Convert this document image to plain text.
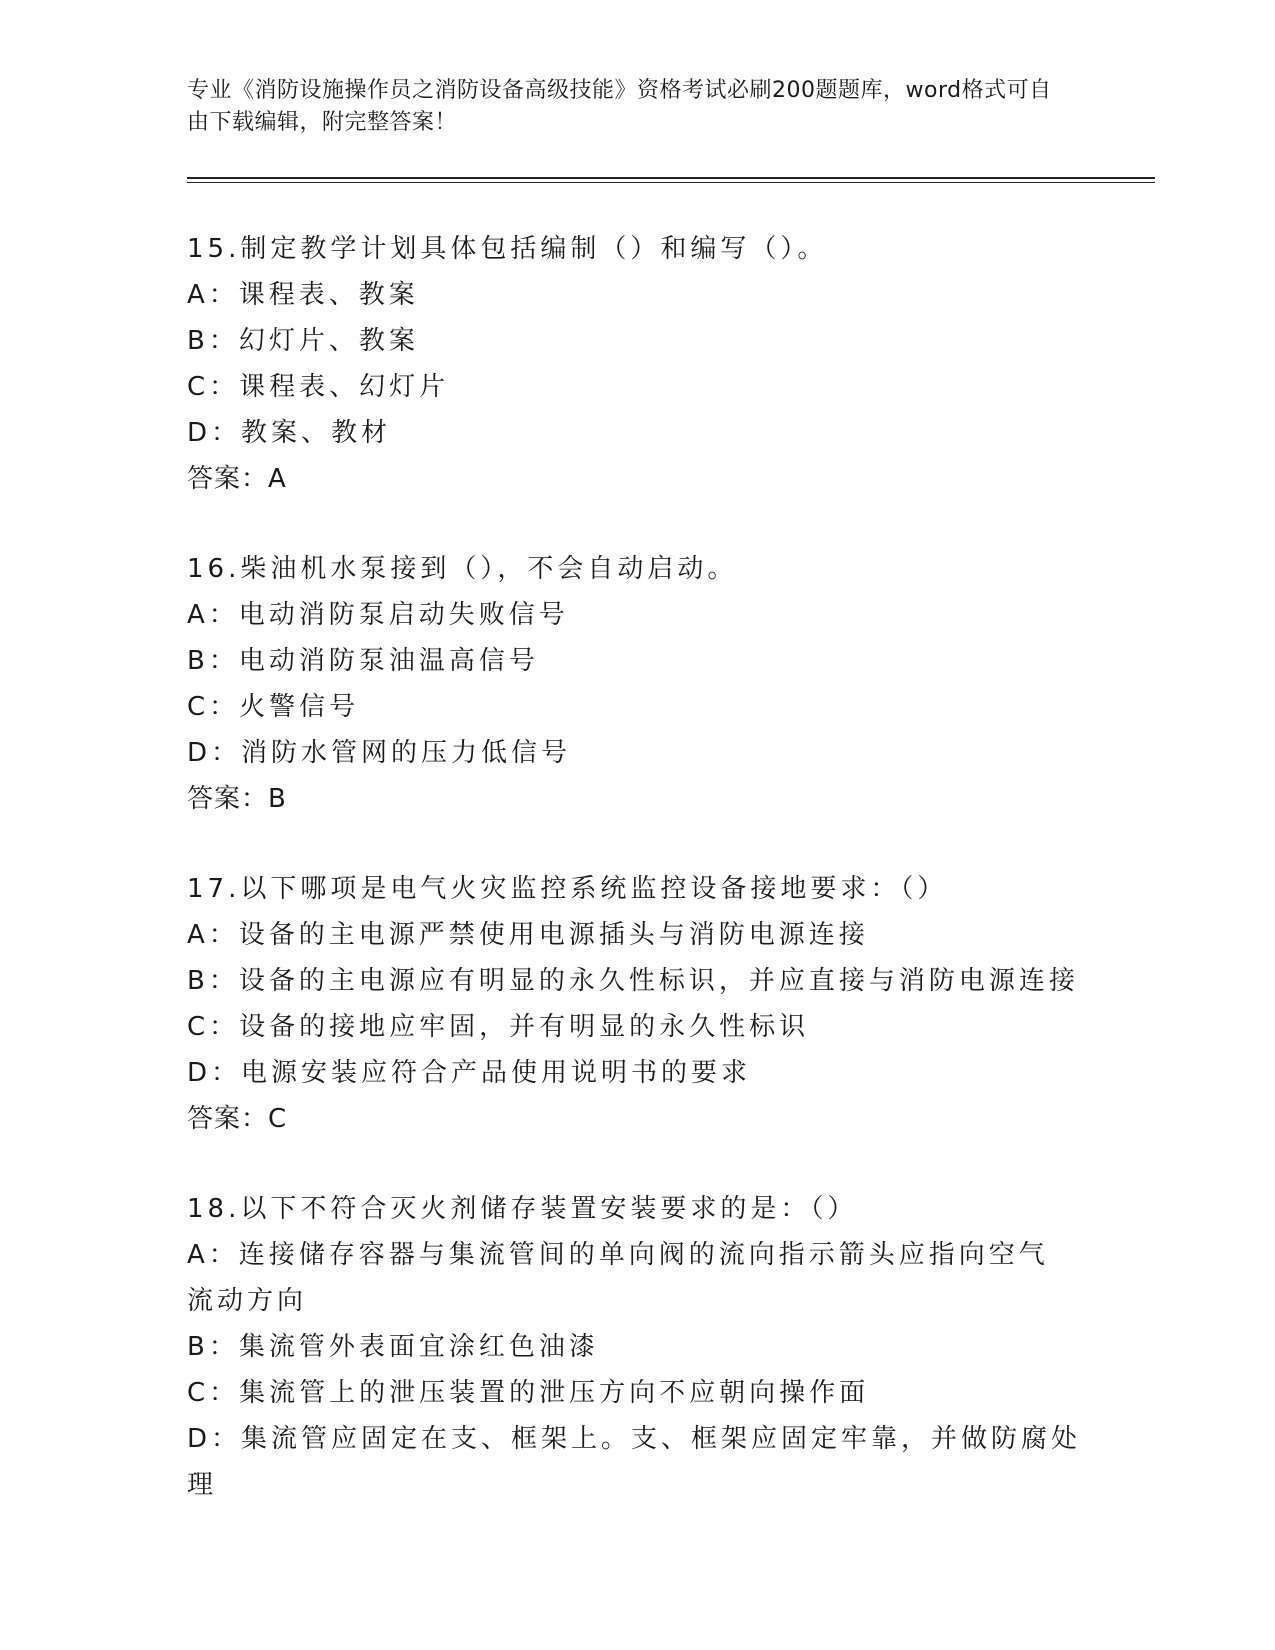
专业《消防设施操作员之消防设备高级技能》资格考试必刷200题题库，word格式可自由下载编辑，附完整答案！
15.制定教学计划具体包括编制（）和编写（）。
A：课程表、教案
B：幻灯片、教案
C：课程表、幻灯片
D：教案、教材
答案：A
16.柴油机水泵接到（），不会自动启动。
A：电动消防泵启动失败信号
B：电动消防泵油温高信号
C：火警信号
D：消防水管网的压力低信号
答案：B
17.以下哪项是电气火灾监控系统监控设备接地要求：（）
A：设备的主电源严禁使用电源插头与消防电源连接
B：设备的主电源应有明显的永久性标识，并应直接与消防电源连接
C：设备的接地应牢固，并有明显的永久性标识
D：电源安装应符合产品使用说明书的要求
答案：C
18.以下不符合灭火剂储存装置安装要求的是：（）
A：连接储存容器与集流管间的单向阀的流向指示箭头应指向空气流动方向
B：集流管外表面宜涂红色油漆
C：集流管上的泄压装置的泄压方向不应朝向操作面
D：集流管应固定在支、框架上。支、框架应固定牢靠，并做防腐处理
